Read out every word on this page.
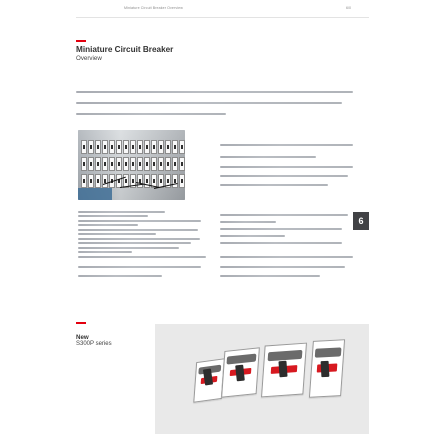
Miniature Circuit Breaker Overview	6/0
Miniature Circuit Breaker
Overview
6
New
S300P series
